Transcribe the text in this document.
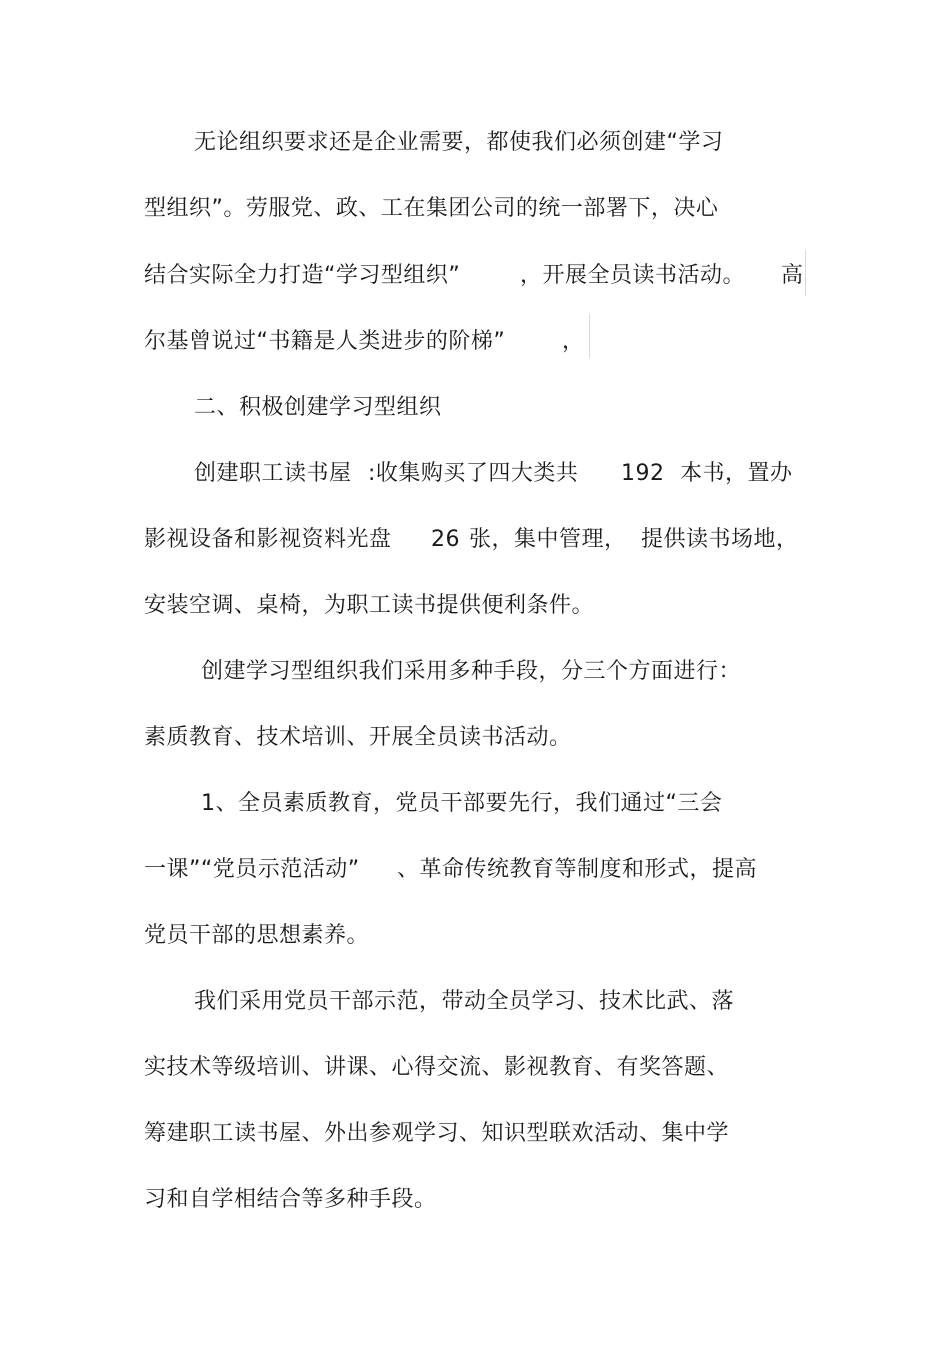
无论组织要求还是企业需要，都使我们必须创建“学习

型组织”。劳服党、政、工在集团公司的统一部署下，决心

结合实际全力打造“学习型组织”	，开展全员读书活动。 高

尔基曾说过“书籍是人类进步的阶梯”	，

二、积极创建学习型组织

创建职工读书屋 :收集购买了四大类共 192 本书，置办

影视设备和影视资料光盘 26 张，集中管理， 提供读书场地，

安装空调、桌椅，为职工读书提供便利条件。

创建学习型组织我们采用多种手段，分三个方面进行：

素质教育、技术培训、开展全员读书活动。

1、全员素质教育，党员干部要先行，我们通过“三会

一课”“党员示范活动” 、革命传统教育等制度和形式，提高

党员干部的思想素养。

我们采用党员干部示范，带动全员学习、技术比武、落

实技术等级培训、讲课、心得交流、影视教育、有奖答题、

筹建职工读书屋、外出参观学习、知识型联欢活动、集中学

习和自学相结合等多种手段。
